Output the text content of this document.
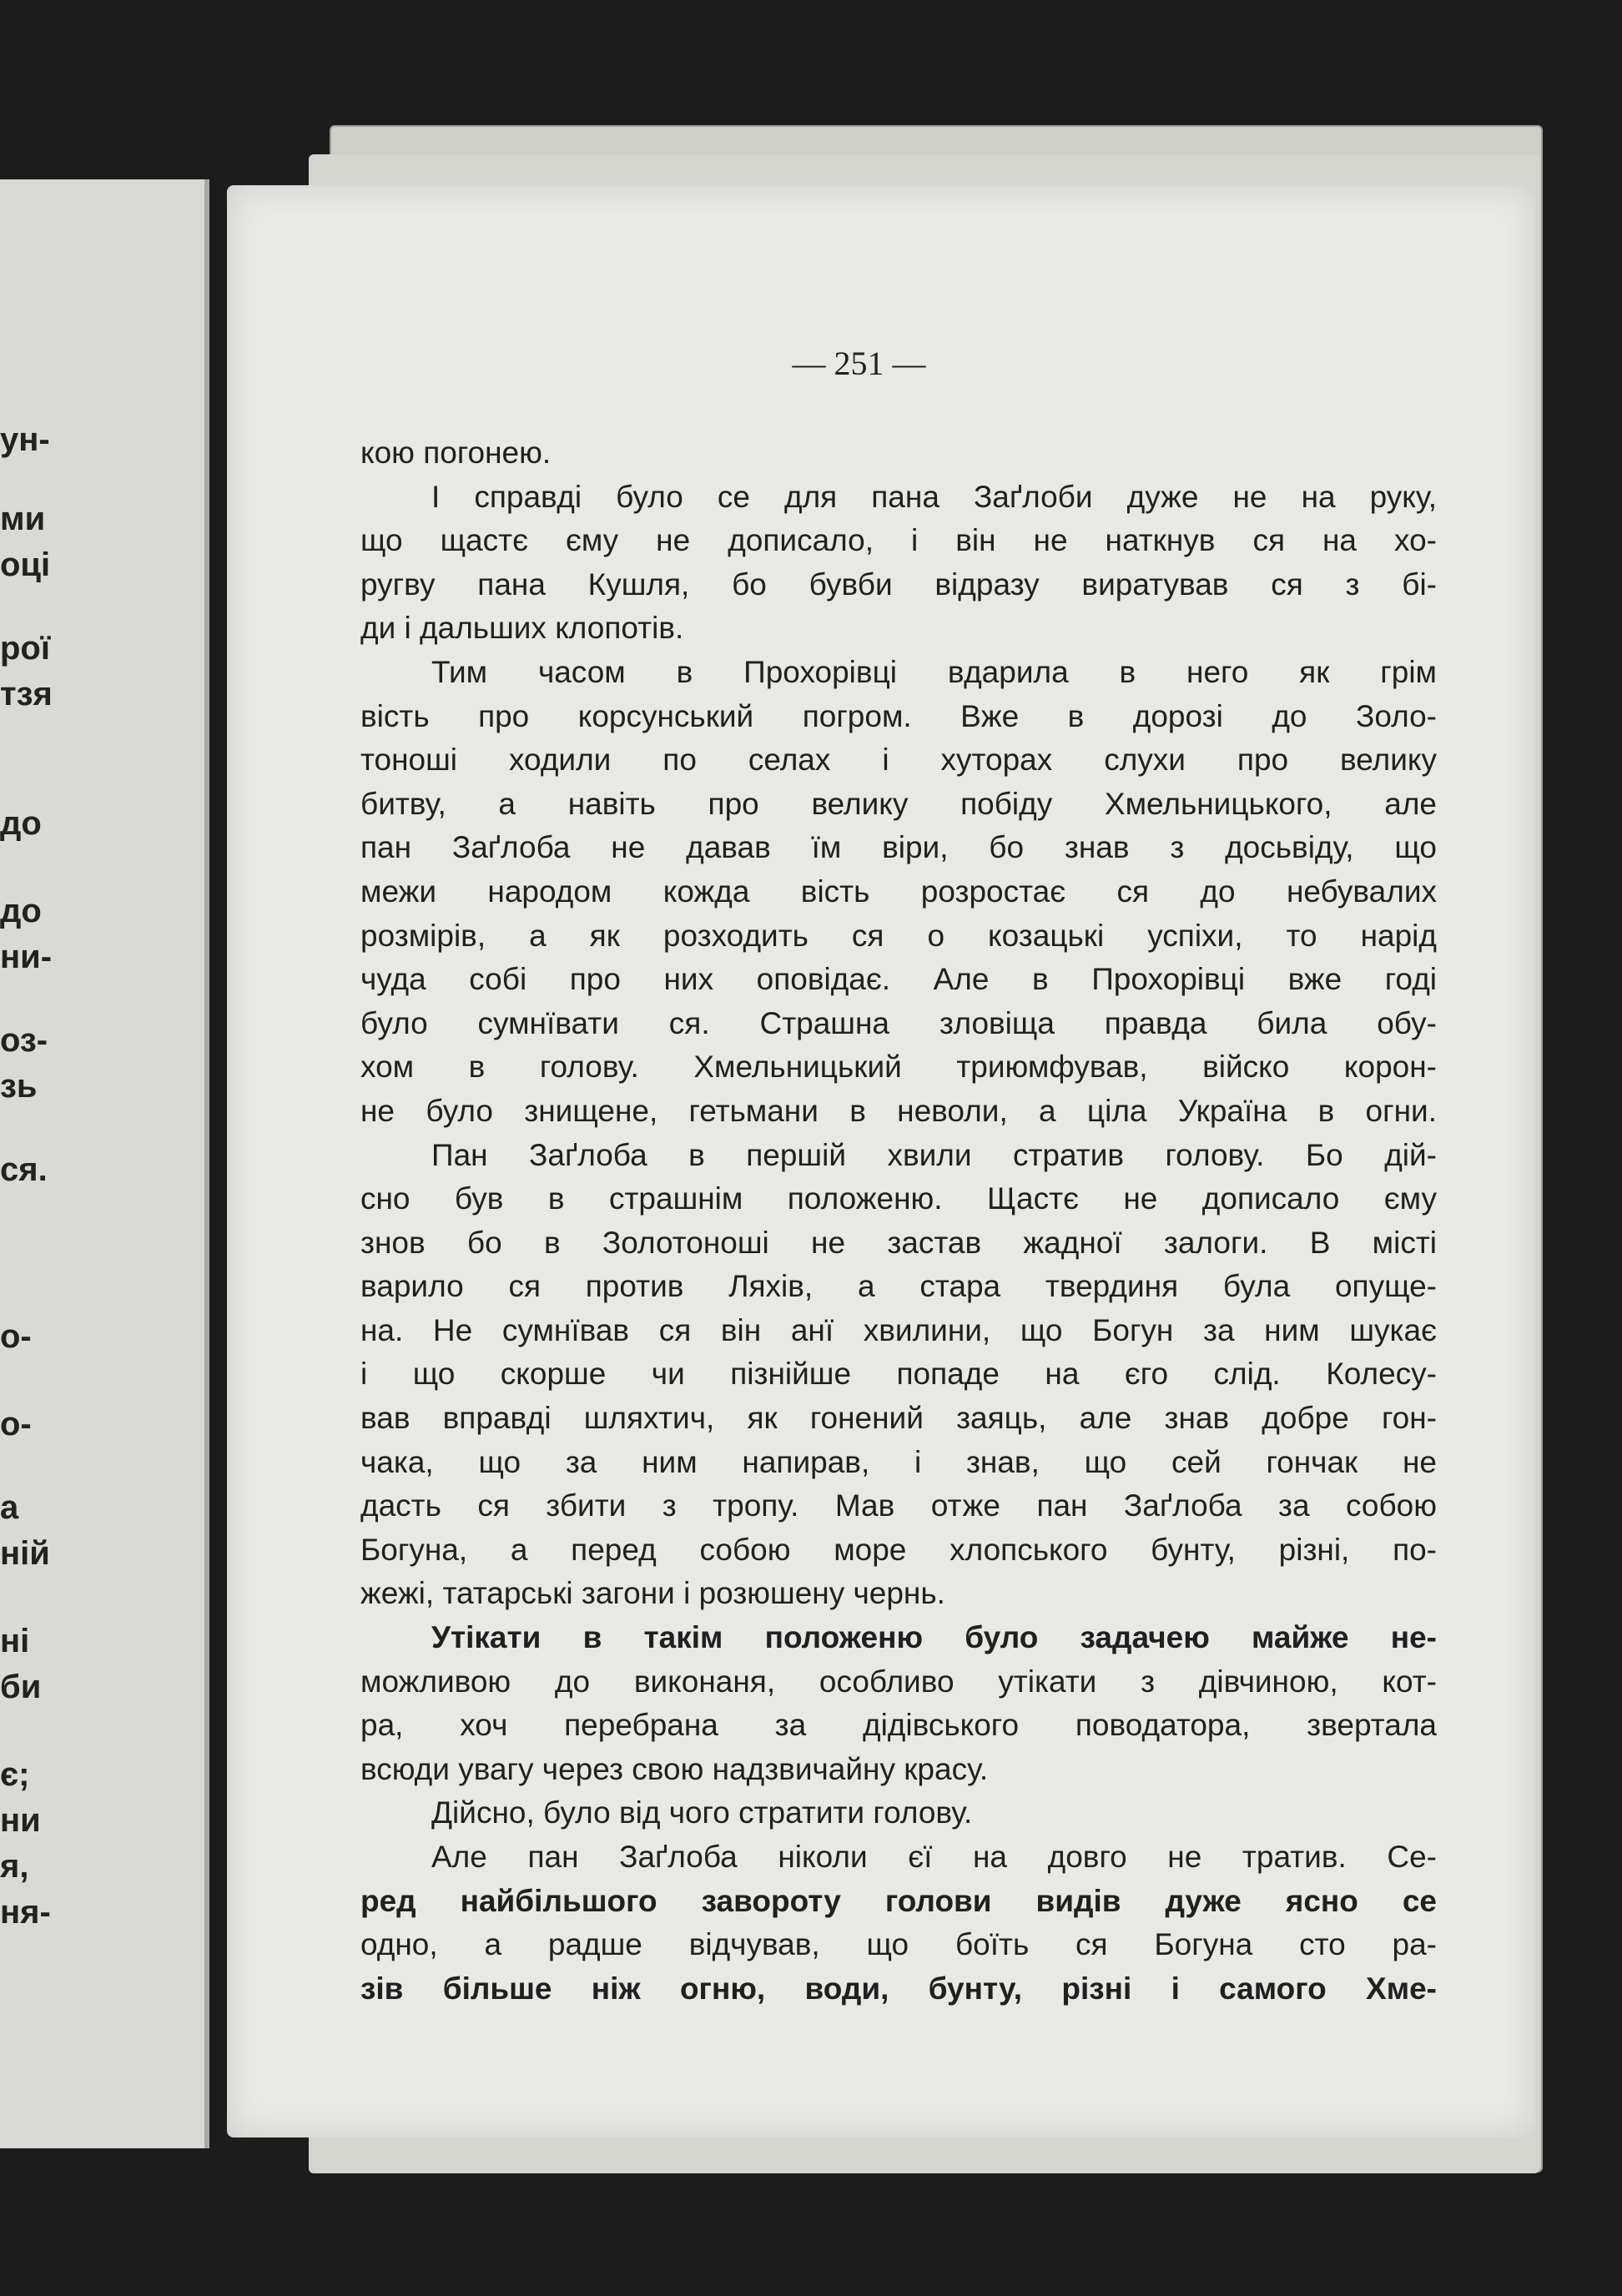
ун-
ми
оці
рої
тзя
до
до
ни-
оз-
зь
ся.
о-
о-
а
ній
ні
би
є;
ни
я,
ня-
— 251 —
кою погонею.
І справді було се для пана Заґлоби дуже не на руку,
що щастє єму не дописало, і він не наткнув ся на хо-
ругву пана Кушля, бо бувби відразу виратував ся з бі-
ди і дальших клопотів.
Тим часом в Прохорівці вдарила в него як грім
вість про корсунський погром. Вже в дорозі до Золо-
тоноші ходили по селах і хуторах слухи про велику
битву, а навіть про велику побіду Хмельницького, але
пан Заґлоба не давав їм віри, бо знав з досьвіду, що
межи народом кожда вість розростає ся до небувалих
розмірів, а як розходить ся о козацькі успіхи, то нарід
чуда собі про них оповідає. Але в Прохорівці вже годі
було сумнївати ся. Страшна зловіща правда била обу-
хом в голову. Хмельницький триюмфував, війско корон-
не було знищене, гетьмани в неволи, а ціла Україна в огни.
Пан Заґлоба в першій хвили стратив голову. Бо дій-
сно був в страшнім положеню. Щастє не дописало єму
знов бо в Золотоноші не застав жадної залоги. В місті
варило ся против Ляхів, а стара твердиня була опуще-
на. Не сумнївав ся він анї хвилини, що Богун за ним шукає
і що скорше чи пізнійше попаде на єго слід. Колесу-
вав вправді шляхтич, як гонений заяць, але знав добре гон-
чака, що за ним напирав, і знав, що сей гончак не
дасть ся збити з тропу. Мав отже пан Заґлоба за собою
Богуна, а перед собою море хлопського бунту, різні, по-
жежі, татарські загони і розюшену чернь.
Утікати в такім положеню було задачею майже не-
можливою до виконаня, особливо утікати з дівчиною, кот-
ра, хоч перебрана за дідівського поводатора, звертала
всюди увагу через свою надзвичайну красу.
Дійсно, було від чого стратити голову.
Але пан Заґлоба ніколи єї на довго не тратив. Се-
ред найбільшого завороту голови видів дуже ясно се
одно, а радше відчував, що боїть ся Богуна сто ра-
зів більше ніж огню, води, бунту, різні і самого Хме-
